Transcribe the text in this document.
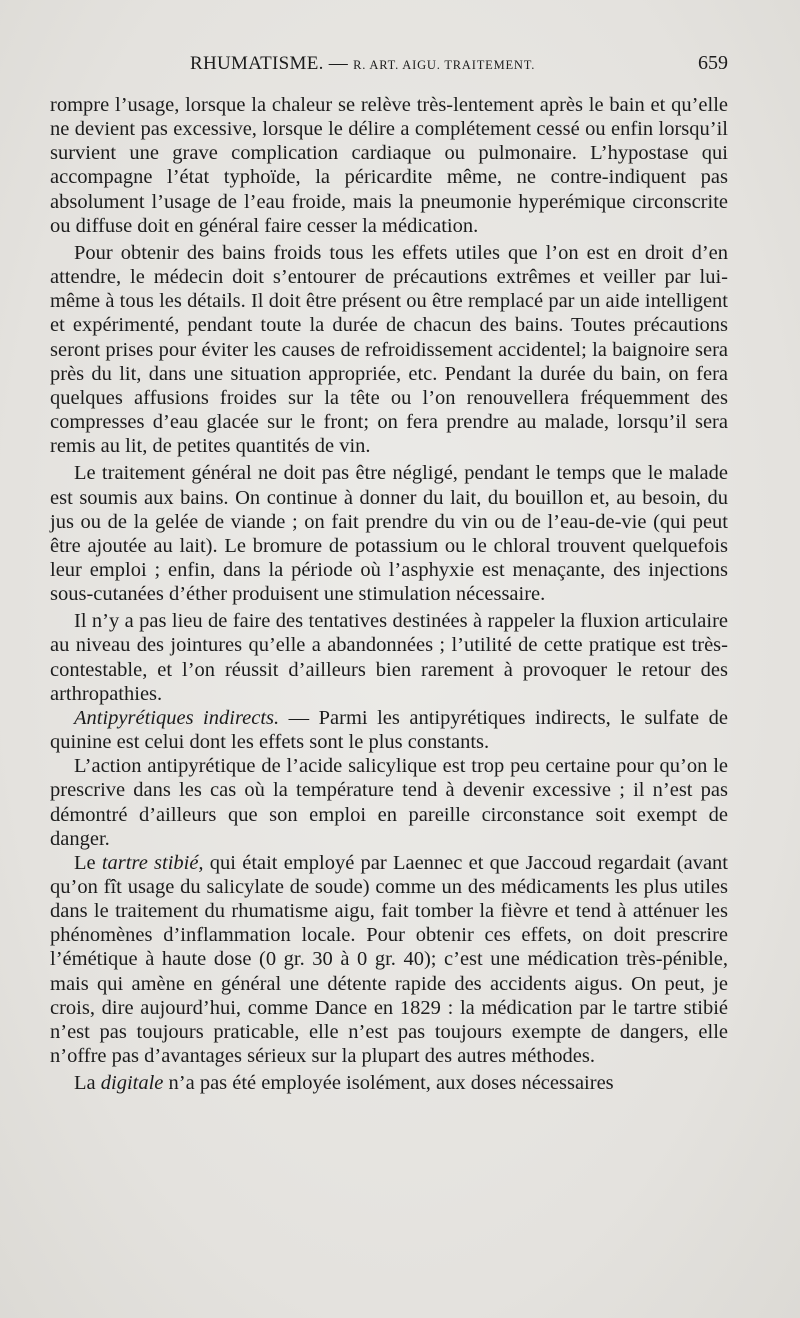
RHUMATISME. — R. ART. AIGU. TRAITEMENT.	659

rompre l’usage, lorsque la chaleur se relève très-lentement après le bain et qu’elle ne devient pas excessive, lorsque le délire a complétement cessé ou enfin lorsqu’il survient une grave complication cardiaque ou pulmonaire. L’hypostase qui accompagne l’état typhoïde, la péricardite même, ne contre-indiquent pas absolument l’usage de l’eau froide, mais la pneumonie hyperémique circonscrite ou diffuse doit en général faire cesser la médication.

Pour obtenir des bains froids tous les effets utiles que l’on est en droit d’en attendre, le médecin doit s’entourer de précautions extrêmes et veiller par lui-même à tous les détails. Il doit être présent ou être remplacé par un aide intelligent et expérimenté, pendant toute la durée de chacun des bains. Toutes précautions seront prises pour éviter les causes de refroidissement accidentel; la baignoire sera près du lit, dans une situation appropriée, etc. Pendant la durée du bain, on fera quelques affusions froides sur la tête ou l’on renouvellera fréquemment des compresses d’eau glacée sur le front; on fera prendre au malade, lorsqu’il sera remis au lit, de petites quantités de vin.

Le traitement général ne doit pas être négligé, pendant le temps que le malade est soumis aux bains. On continue à donner du lait, du bouillon et, au besoin, du jus ou de la gelée de viande ; on fait prendre du vin ou de l’eau-de-vie (qui peut être ajoutée au lait). Le bromure de potassium ou le chloral trouvent quelquefois leur emploi ; enfin, dans la période où l’asphyxie est menaçante, des injections sous-cutanées d’éther produisent une stimulation nécessaire.

Il n’y a pas lieu de faire des tentatives destinées à rappeler la fluxion articulaire au niveau des jointures qu’elle a abandonnées ; l’utilité de cette pratique est très-contestable, et l’on réussit d’ailleurs bien rarement à provoquer le retour des arthropathies.

Antipyrétiques indirects. — Parmi les antipyrétiques indirects, le sulfate de quinine est celui dont les effets sont le plus constants.

L’action antipyrétique de l’acide salicylique est trop peu certaine pour qu’on le prescrive dans les cas où la température tend à devenir excessive ; il n’est pas démontré d’ailleurs que son emploi en pareille circonstance soit exempt de danger.

Le tartre stibié, qui était employé par Laennec et que Jaccoud regardait (avant qu’on fît usage du salicylate de soude) comme un des médicaments les plus utiles dans le traitement du rhumatisme aigu, fait tomber la fièvre et tend à atténuer les phénomènes d’inflammation locale. Pour obtenir ces effets, on doit prescrire l’émétique à haute dose (0 gr. 30 à 0 gr. 40); c’est une médication très-pénible, mais qui amène en général une détente rapide des accidents aigus. On peut, je crois, dire aujourd’hui, comme Dance en 1829 : la médication par le tartre stibié n’est pas toujours praticable, elle n’est pas toujours exempte de dangers, elle n’offre pas d’avantages sérieux sur la plupart des autres méthodes.

La digitale n’a pas été employée isolément, aux doses nécessaires
